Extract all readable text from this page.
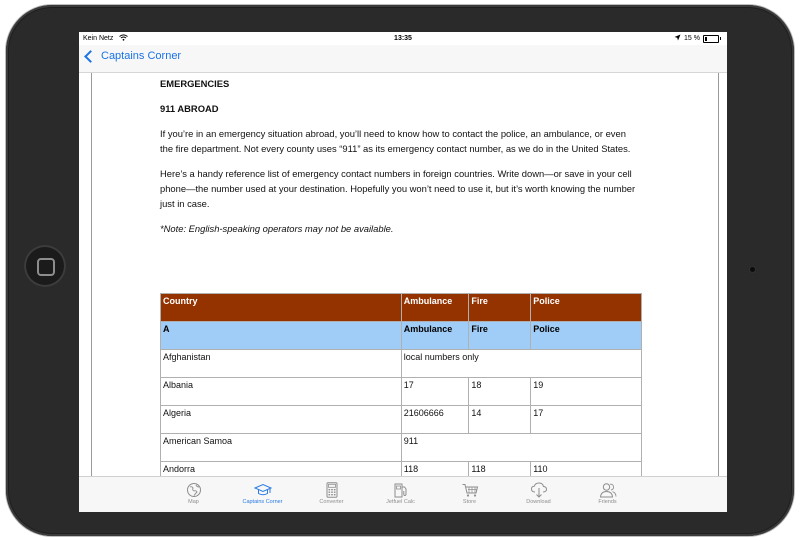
Kein Netz	13:35	15 %
Captains Corner
EMERGENCIES
911 ABROAD

If you’re in an emergency situation abroad, you’ll need to know how to contact the police, an ambulance, or even the fire department. Not every county uses “911” as its emergency contact number, as we do in the United States.

Here’s a handy reference list of emergency contact numbers in foreign countries. Write down—or save in your cell phone—the number used at your destination. Hopefully you won’t need to use it, but it’s worth knowing the number just in case.

*Note: English-speaking operators may not be available.

Country	Ambulance	Fire	Police
A	Ambulance	Fire	Police
Afghanistan	local numbers only		
Albania	17	18	19
Algeria	21606666	14	17
American Samoa	911		
Andorra	118	118	110
Map	Captains Corner	Converter	Jetfuel Calc	Store	Download	Friends
